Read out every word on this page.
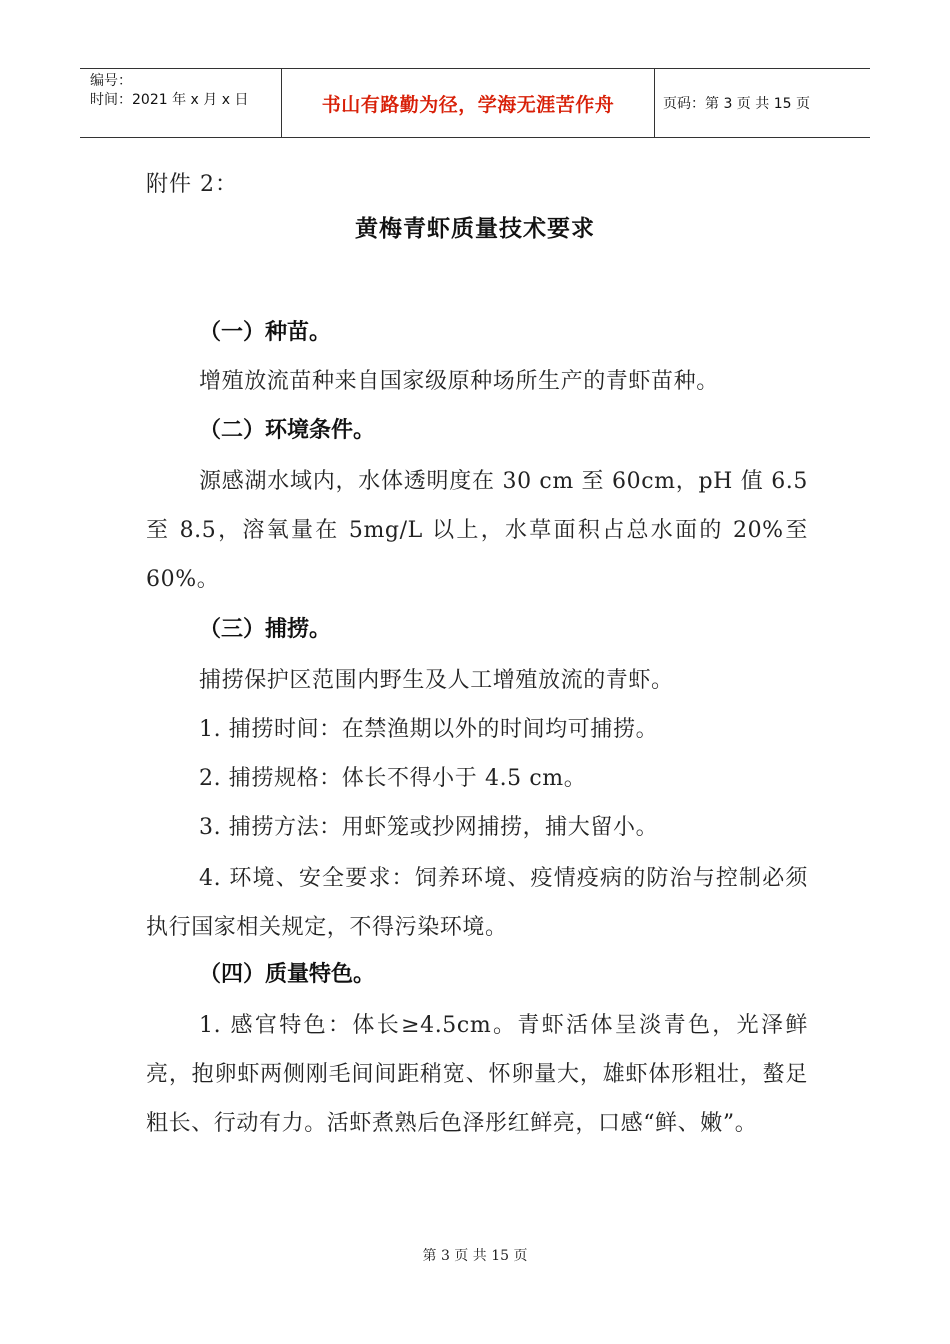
编号：
时间：2021 年 x 月 x 日	书山有路勤为径，学海无涯苦作舟	页码：第 3 页 共 15 页

附件 2：

黄梅青虾质量技术要求

（一）种苗。

增殖放流苗种来自国家级原种场所生产的青虾苗种。

（二）环境条件。

源感湖水域内，水体透明度在 30 cm 至 60cm，pH 值 6.5 至 8.5，溶氧量在 5mg/L 以上，水草面积占总水面的 20%至 60%。

（三）捕捞。

捕捞保护区范围内野生及人工增殖放流的青虾。

1. 捕捞时间：在禁渔期以外的时间均可捕捞。

2. 捕捞规格：体长不得小于 4.5 cm。

3. 捕捞方法：用虾笼或抄网捕捞，捕大留小。

4. 环境、安全要求：饲养环境、疫情疫病的防治与控制必须执行国家相关规定，不得污染环境。

（四）质量特色。

1. 感官特色：体长≥4.5cm。青虾活体呈淡青色，光泽鲜亮，抱卵虾两侧刚毛间间距稍宽、怀卵量大，雄虾体形粗壮，螯足粗长、行动有力。活虾煮熟后色泽彤红鲜亮，口感“鲜、嫩”。

第 3 页 共 15 页
